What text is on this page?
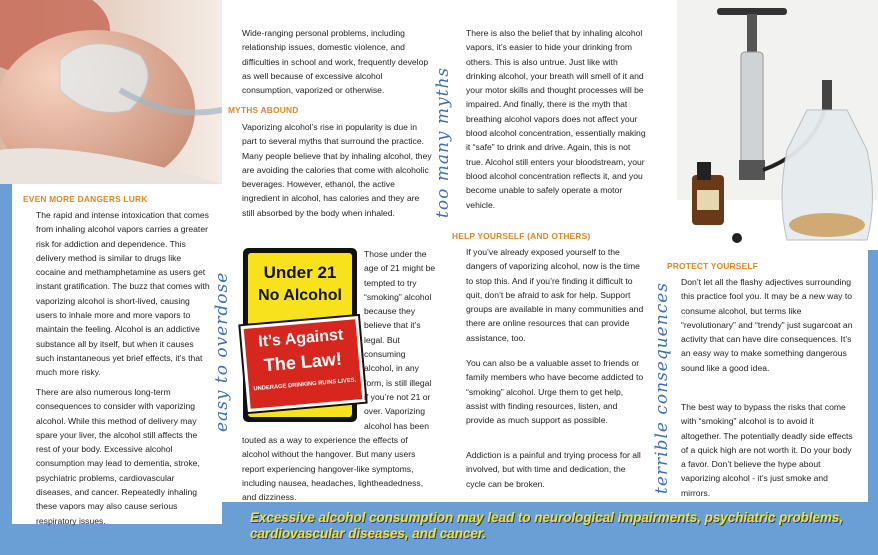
EVEN MORE DANGERS LURK
The rapid and intense intoxication that comes from inhaling alcohol vapors carries a greater risk for addiction and dependence. This delivery method is similar to drugs like cocaine and methamphetamine as users get instant gratification. The buzz that comes with vaporizing alcohol is short-lived, causing users to inhale more and more vapors to maintain the feeling. Alcohol is an addictive substance all by itself, but when it causes such instantaneous yet brief effects, it’s that much more risky.
There are also numerous long-term consequences to consider with vaporizing alcohol. While this method of delivery may spare your liver, the alcohol still affects the rest of your body. Excessive alcohol consumption may lead to dementia, stroke, psychiatric problems, cardiovascular diseases, and cancer. Repeatedly inhaling these vapors may also cause serious respiratory issues.
easy to overdose
Wide-ranging personal problems, including relationship issues, domestic violence, and difficulties in school and work, frequently develop as well because of excessive alcohol consumption, vaporized or otherwise.
MYTHS ABOUND
Vaporizing alcohol’s rise in popularity is due in part to several myths that surround the practice. Many people believe that by inhaling alcohol, they are avoiding the calories that come with alcoholic beverages. However, ethanol, the active ingredient in alcohol, has calories and they are still absorbed by the body when inhaled.
Under 21
No Alcohol
It’s Against
The Law!
UNDERAGE DRINKING RUINS LIVES.
Those under the age of 21 might be tempted to try “smoking” alcohol because they believe that it’s legal. But consuming alcohol, in any form, is still illegal if you’re not 21 or over. Vaporizing alcohol has been
touted as a way to experience the effects of alcohol without the hangover. But many users report experiencing hangover-like symptoms, including nausea, headaches, lightheadedness, and dizziness.
too many myths
There is also the belief that by inhaling alcohol vapors, it’s easier to hide your drinking from others. This is also untrue. Just like with drinking alcohol, your breath will smell of it and your motor skills and thought processes will be impaired. And finally, there is the myth that breathing alcohol vapors does not affect your blood alcohol concentration, essentially making it “safe” to drink and drive. Again, this is not true. Alcohol still enters your bloodstream, your blood alcohol concentration reflects it, and you become unable to safely operate a motor vehicle.
HELP YOURSELF (AND OTHERS)
If you’ve already exposed yourself to the dangers of vaporizing alcohol, now is the time to stop this. And if you’re finding it difficult to quit, don’t be afraid to ask for help. Support groups are available in many communities and there are online resources that can provide assistance, too.
You can also be a valuable asset to friends or family members who have become addicted to “smoking” alcohol. Urge them to get help, assist with finding resources, listen, and provide as much support as possible.
Addiction is a painful and trying process for all involved, but with time and dedication, the cycle can be broken.	terrible consequences
PROTECT YOURSELF
Don’t let all the flashy adjectives surrounding this practice fool you. It may be a new way to consume alcohol, but terms like “revolutionary” and “trendy” just sugarcoat an activity that can have dire consequences. It’s an easy way to make something dangerous sound like a good idea.
The best way to bypass the risks that come with “smoking” alcohol is to avoid it altogether. The potentially deadly side effects of a quick high are not worth it. Do your body a favor. Don’t believe the hype about vaporizing alcohol - it’s just smoke and mirrors.
Excessive alcohol consumption may lead to neurological impairments, psychiatric problems, cardiovascular diseases, and cancer.
